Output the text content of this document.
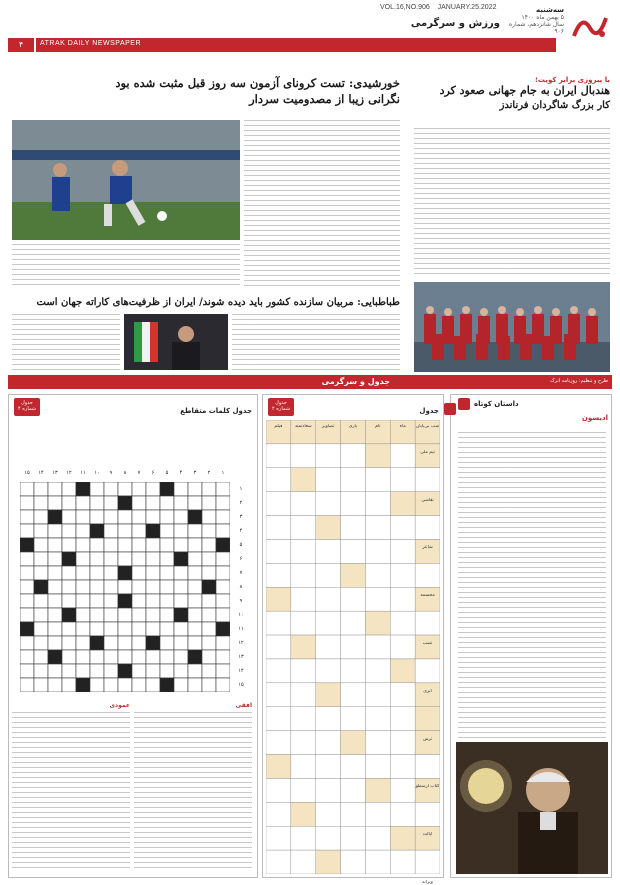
سه‌شنبه
۵ بهمن ماه ۱۴۰۰
سال شانزدهم، شماره ۹۰۶
VOL.16,NO.906 JANUARY.25.2022
ورزش و سرگرمی
۴	ATRAK DAILY NEWSPAPER
با پیروزی برابر کویت؛
هندبال ایران به جام جهانی صعود کرد
کار بزرگ شاگردان فرناندز
خورشیدی: تست کرونای آزمون سه روز قبل مثبت شده بود
نگرانی زیبا از مصدومیت سردار
طباطبایی: مربیان سازنده کشور باید دیده شوند/ ایران از ظرفیت‌های کاراته جهان است
جدول و سرگرمی	طرح و تنظیم: روزنامه اترک
داستان کوتاه
ادیسون
جدول
جدول شماره ۲
شب بی‌پایان
ماه
نام
یاری
تصاویر
سعادتمند
فیلم
تیم ملی
نقاشی
شاعر
مجسمه
نصب
آبزی
ترس
کتاب ارسطو
ایالت
ویرانه
جدول کلمات متقاطع
جدول شماره ۴
۱
۲
۳
۴
۵
۶
۷
۸
۹
۱۰
۱۱
۱۲
۱۳
۱۴
۱۵
۱
۲
۳
۴
۵
۶
۷
۸
۹
۱۰
۱۱
۱۲
۱۳
۱۴
۱۵
افقی
عمودی
